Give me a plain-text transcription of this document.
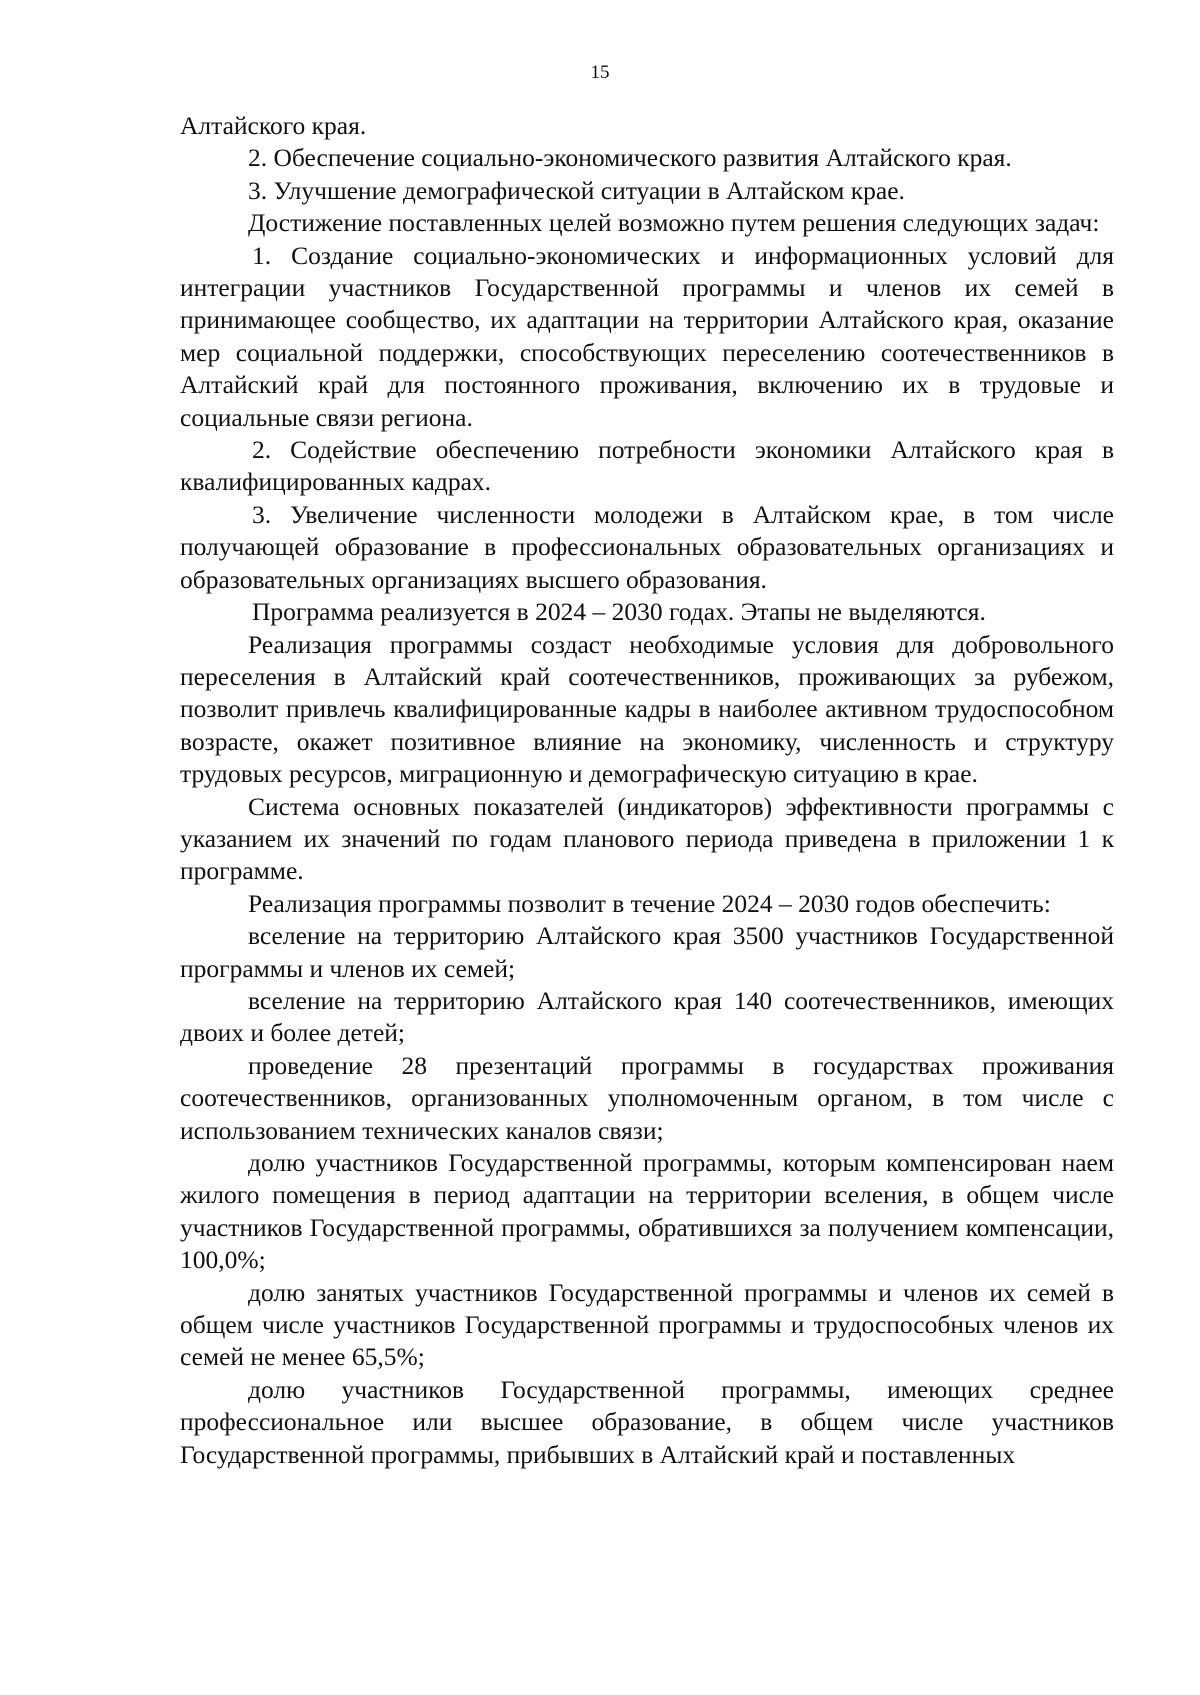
15

Алтайского края.

2. Обеспечение социально-экономического развития Алтайского края.

3. Улучшение демографической ситуации в Алтайском крае.

Достижение поставленных целей возможно путем решения следующих задач:

1. Создание социально-экономических и информационных условий для интеграции участников Государственной программы и членов их семей в принимающее сообщество, их адаптации на территории Алтайского края, оказание мер социальной поддержки, способствующих переселению соотечественников в Алтайский край для постоянного проживания, включению их в трудовые и социальные связи региона.

2. Содействие обеспечению потребности экономики Алтайского края в квалифицированных кадрах.

3. Увеличение численности молодежи в Алтайском крае, в том числе получающей образование в профессиональных образовательных организациях и образовательных организациях высшего образования.

Программа реализуется в 2024 – 2030 годах. Этапы не выделяются.

Реализация программы создаст необходимые условия для добровольного переселения в Алтайский край соотечественников, проживающих за рубежом, позволит привлечь квалифицированные кадры в наиболее активном трудоспособном возрасте, окажет позитивное влияние на экономику, численность и структуру трудовых ресурсов, миграционную и демографическую ситуацию в крае.

Система основных показателей (индикаторов) эффективности программы с указанием их значений по годам планового периода приведена в приложении 1 к программе.

Реализация программы позволит в течение 2024 – 2030 годов обеспечить:

вселение на территорию Алтайского края 3500 участников Государственной программы и членов их семей;

вселение на территорию Алтайского края 140 соотечественников, имеющих двоих и более детей;

проведение 28 презентаций программы в государствах проживания соотечественников, организованных уполномоченным органом, в том числе с использованием технических каналов связи;

долю участников Государственной программы, которым компенсирован наем жилого помещения в период адаптации на территории вселения, в общем числе участников Государственной программы, обратившихся за получением компенсации, 100,0%;

долю занятых участников Государственной программы и членов их семей в общем числе участников Государственной программы и трудоспособных членов их семей не менее 65,5%;

долю участников Государственной программы, имеющих среднее профессиональное или высшее образование, в общем числе участников Государственной программы, прибывших в Алтайский край и поставленных
